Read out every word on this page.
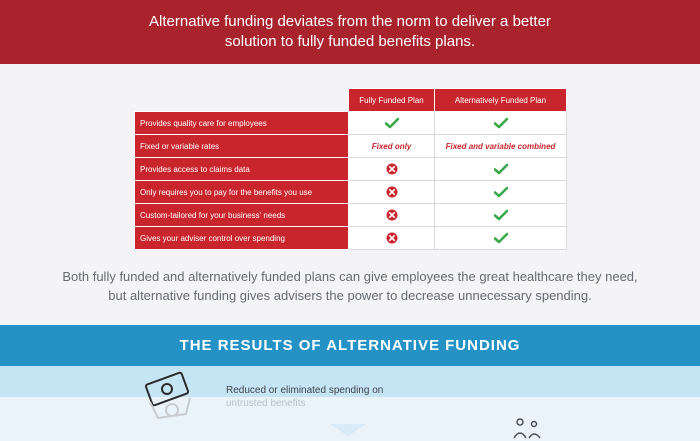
Alternative funding deviates from the norm to deliver a better
solution to fully funded benefits plans.
	Fully Funded Plan	Alternatively Funded Plan
Provides quality care for employees		
Fixed or variable rates	Fixed only	Fixed and variable combined
Provides access to claims data		
Only requires you to pay for the benefits you use		
Custom-tailored for your business' needs		
Gives your adviser control over spending		
Both fully funded and alternatively funded plans can give employees the great healthcare they need,
but alternative funding gives advisers the power to decrease unnecessary spending.
THE RESULTS OF ALTERNATIVE FUNDING
Reduced or eliminated spending on
untrusted benefits
